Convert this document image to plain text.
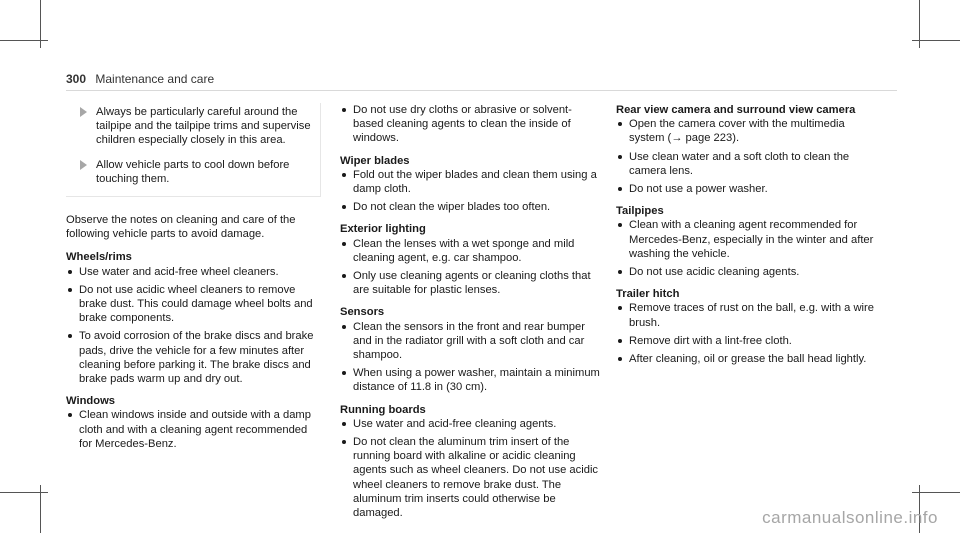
300 Maintenance and care
Always be particularly careful around the tailpipe and the tailpipe trims and supervise children especially closely in this area.
Allow vehicle parts to cool down before touching them.

Observe the notes on cleaning and care of the following vehicle parts to avoid damage.

Wheels/rims
Use water and acid-free wheel cleaners.
Do not use acidic wheel cleaners to remove brake dust. This could damage wheel bolts and brake components.
To avoid corrosion of the brake discs and brake pads, drive the vehicle for a few minutes after cleaning before parking it. The brake discs and brake pads warm up and dry out.
Windows
Clean windows inside and outside with a damp cloth and with a cleaning agent recommended for Mercedes-Benz.
Do not use dry cloths or abrasive or solvent-based cleaning agents to clean the inside of windows.
Wiper blades
Fold out the wiper blades and clean them using a damp cloth.
Do not clean the wiper blades too often.
Exterior lighting
Clean the lenses with a wet sponge and mild cleaning agent, e.g. car shampoo.
Only use cleaning agents or cleaning cloths that are suitable for plastic lenses.
Sensors
Clean the sensors in the front and rear bumper and in the radiator grill with a soft cloth and car shampoo.
When using a power washer, maintain a minimum distance of 11.8 in (30 cm).
Running boards
Use water and acid-free cleaning agents.
Do not clean the aluminum trim insert of the running board with alkaline or acidic cleaning agents such as wheel cleaners. Do not use acidic wheel cleaners to remove brake dust. The aluminum trim inserts could otherwise be damaged.
Rear view camera and surround view camera
Open the camera cover with the multimedia system (→ page 223).
Use clean water and a soft cloth to clean the camera lens.
Do not use a power washer.
Tailpipes
Clean with a cleaning agent recommended for Mercedes-Benz, especially in the winter and after washing the vehicle.
Do not use acidic cleaning agents.
Trailer hitch
Remove traces of rust on the ball, e.g. with a wire brush.
Remove dirt with a lint-free cloth.
After cleaning, oil or grease the ball head lightly.
carmanualsonline.info
